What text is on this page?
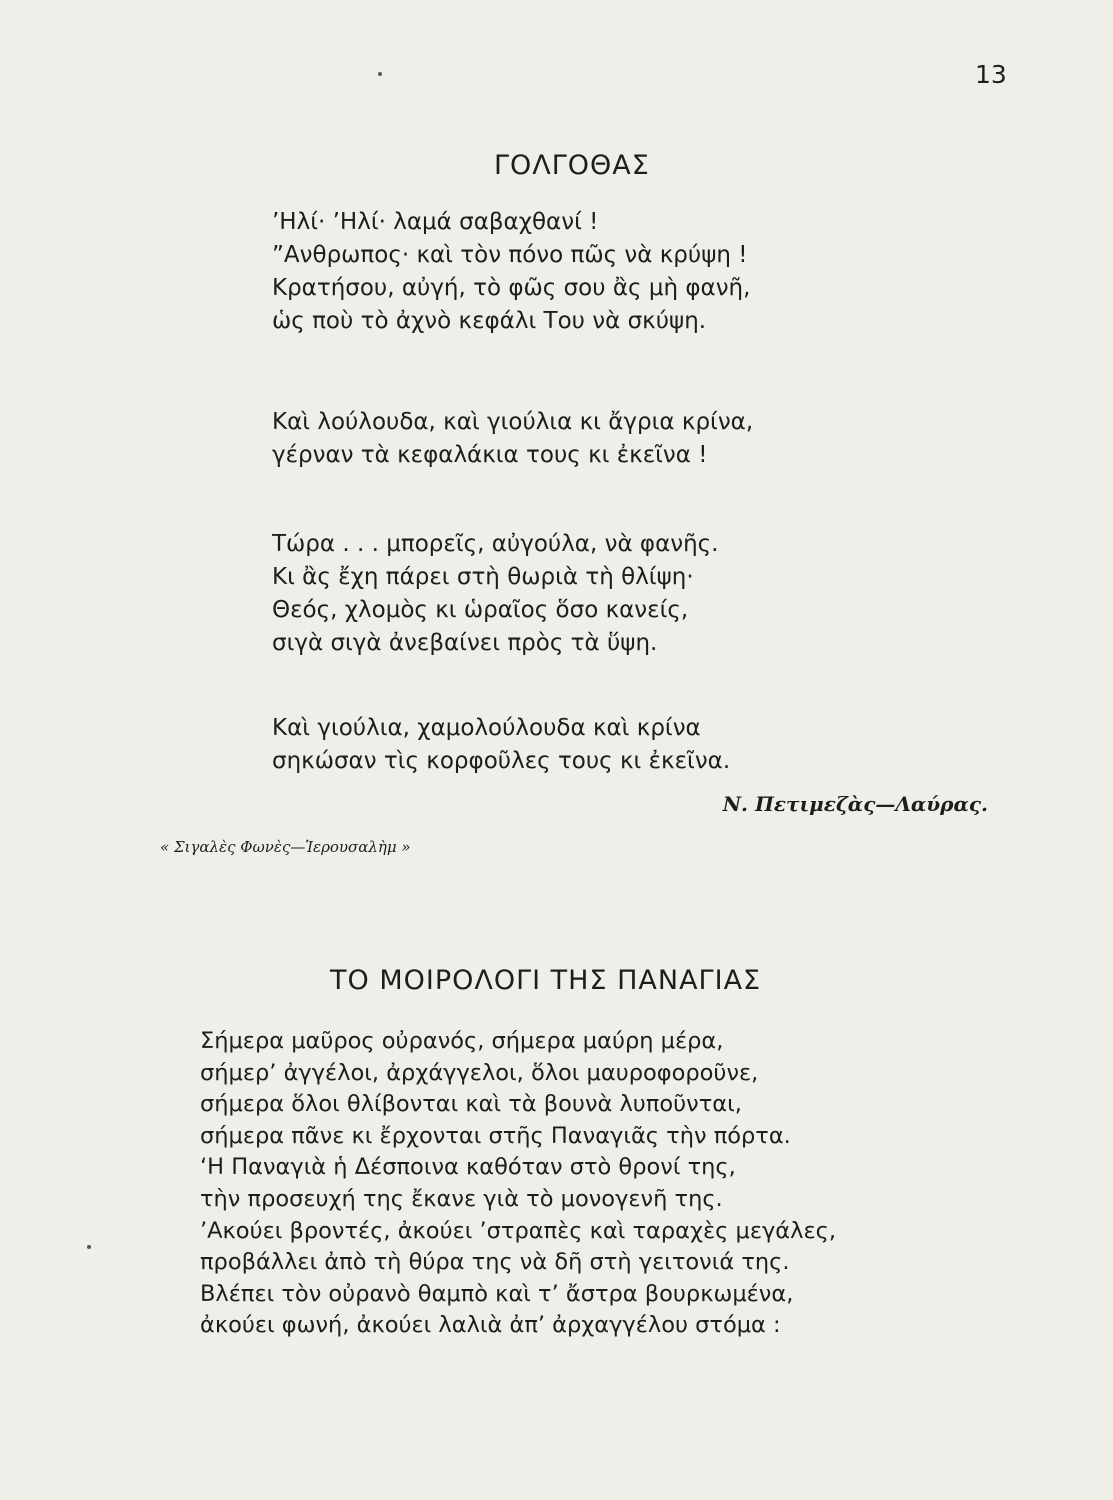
13
ΓΟΛΓΟΘΑΣ
’Ηλί· ’Ηλί· λαμά σαβαχθανί !
”Ανθρωπος· καὶ τὸν πόνο πῶς νὰ κρύψη !
Κρατήσου, αὐγή, τὸ φῶς σου ἂς μὴ φανῆ,
ὡς ποὺ τὸ ἀχνὸ κεφάλι Του νὰ σκύψη.
Καὶ λούλουδα, καὶ γιούλια κι ἄγρια κρίνα,
γέρναν τὰ κεφαλάκια τους κι ἐκεῖνα !
Τώρα . . . μπορεῖς, αὐγούλα, νὰ φανῆς.
Κι ἂς ἔχη πάρει στὴ θωριὰ τὴ θλίψη·
Θεός, χλομὸς κι ὡραῖος ὅσο κανείς,
σιγὰ σιγὰ ἀνεβαίνει πρὸς τὰ ὕψη.
Καὶ γιούλια, χαμολούλουδα καὶ κρίνα
σηκώσαν τὶς κορφοῦλες τους κι ἐκεῖνα.
Ν. Πετιμεζὰς—Λαύρας.
« Σιγαλὲς Φωνὲς—Ἱερουσαλὴμ »
ΤΟ ΜΟΙΡΟΛΟΓΙ ΤΗΣ ΠΑΝΑΓΙΑΣ
Σήμερα μαῦρος οὐρανός, σήμερα μαύρη μέρα,
σήμερ’ ἀγγέλοι, ἀρχάγγελοι, ὅλοι μαυροφοροῦνε,
σήμερα ὅλοι θλίβονται καὶ τὰ βουνὰ λυποῦνται,
σήμερα πᾶνε κι ἔρχονται στῆς Παναγιᾶς τὴν πόρτα.
‘Η Παναγιὰ ἡ Δέσποινα καθόταν στὸ θρονί της,
τὴν προσευχή της ἔκανε γιὰ τὸ μονογενῆ της.
’Ακούει βροντές, ἀκούει ’στραπὲς καὶ ταραχὲς μεγάλες,
προβάλλει ἀπὸ τὴ θύρα της νὰ δῆ στὴ γειτονιά της.
Βλέπει τὸν οὐρανὸ θαμπὸ καὶ τ’ ἄστρα βουρκωμένα,
ἀκούει φωνή, ἀκούει λαλιὰ ἀπ’ ἀρχαγγέλου στόμα :
